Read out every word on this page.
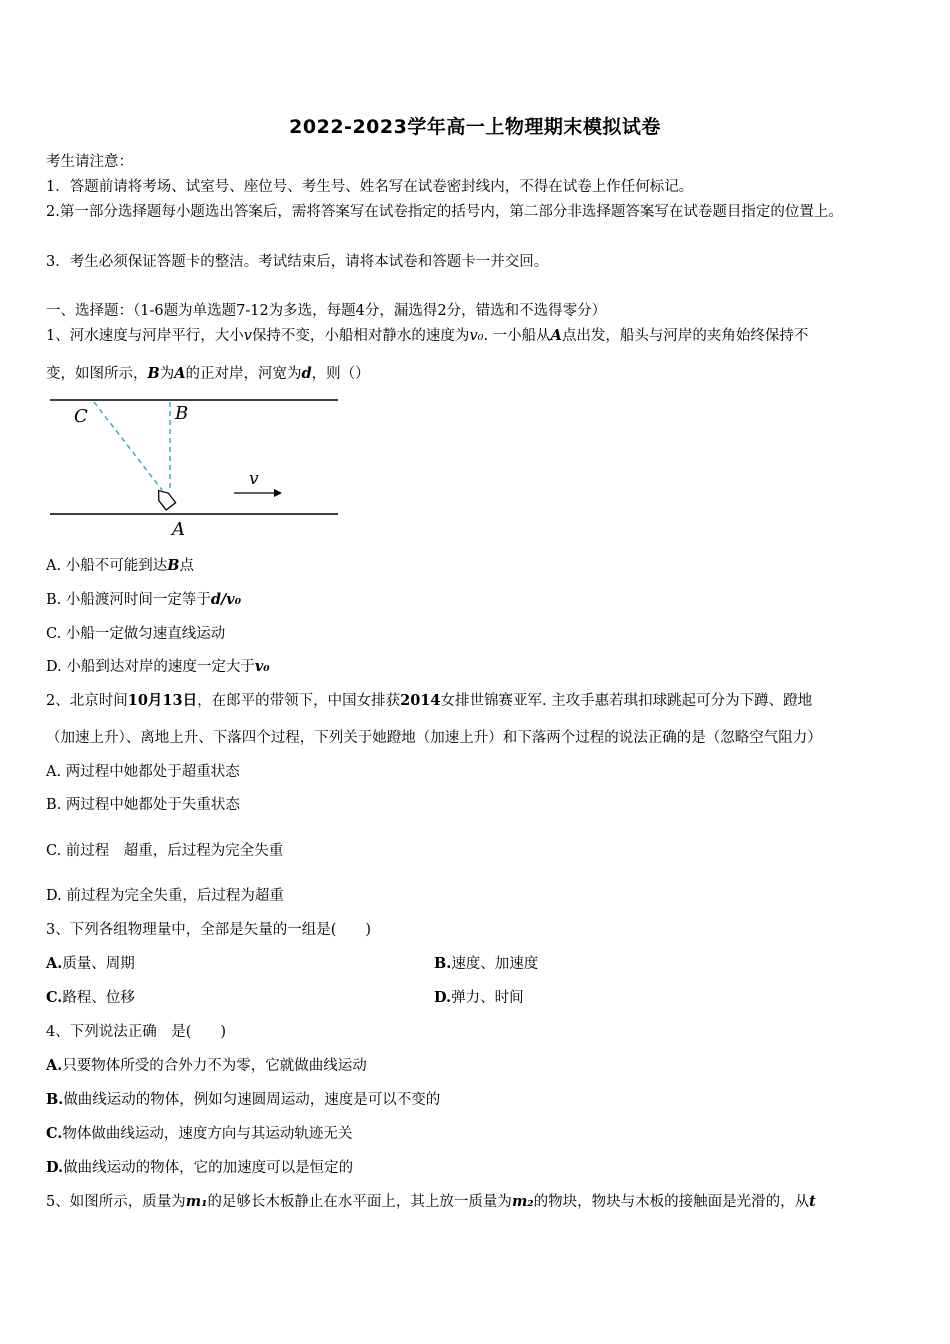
2022-2023学年高一上物理期末模拟试卷
考生请注意：
1．答题前请将考场、试室号、座位号、考生号、姓名写在试卷密封线内，不得在试卷上作任何标记。
2.第一部分选择题每小题选出答案后，需将答案写在试卷指定的括号内，第二部分非选择题答案写在试卷题目指定的位置上。
3．考生必须保证答题卡的整洁。考试结束后，请将本试卷和答题卡一并交回。
一、选择题：（1-6题为单选题7-12为多选，每题4分，漏选得2分，错选和不选得零分）
1、河水速度与河岸平行，大小v保持不变，小船相对静水的速度为v₀. 一小船从A点出发，船头与河岸的夹角始终保持不
变，如图所示，B为A的正对岸，河宽为d，则（）
C	B
A
v
A. 小船不可能到达B点
B. 小船渡河时间一定等于d/v₀
C. 小船一定做匀速直线运动
D. 小船到达对岸的速度一定大于v₀
2、北京时间10月13日，在郎平的带领下，中国女排获2014女排世锦赛亚军. 主攻手惠若琪扣球跳起可分为下蹲、蹬地
（加速上升）、离地上升、下落四个过程，下列关于她蹬地（加速上升）和下落两个过程的说法正确的是（忽略空气阻力）
A. 两过程中她都处于超重状态
B. 两过程中她都处于失重状态
C. 前过程　超重，后过程为完全失重
D. 前过程为完全失重，后过程为超重
3、下列各组物理量中，全部是矢量的一组是(　　)
A.质量、周期	B.速度、加速度
C.路程、位移	D.弹力、时间
4、下列说法正确　是(　　)
A.只要物体所受的合外力不为零，它就做曲线运动
B.做曲线运动的物体，例如匀速圆周运动，速度是可以不变的
C.物体做曲线运动，速度方向与其运动轨迹无关
D.做曲线运动的物体，它的加速度可以是恒定的
5、如图所示，质量为m₁的足够长木板静止在水平面上，其上放一质量为m₂的物块，物块与木板的接触面是光滑的，从t
